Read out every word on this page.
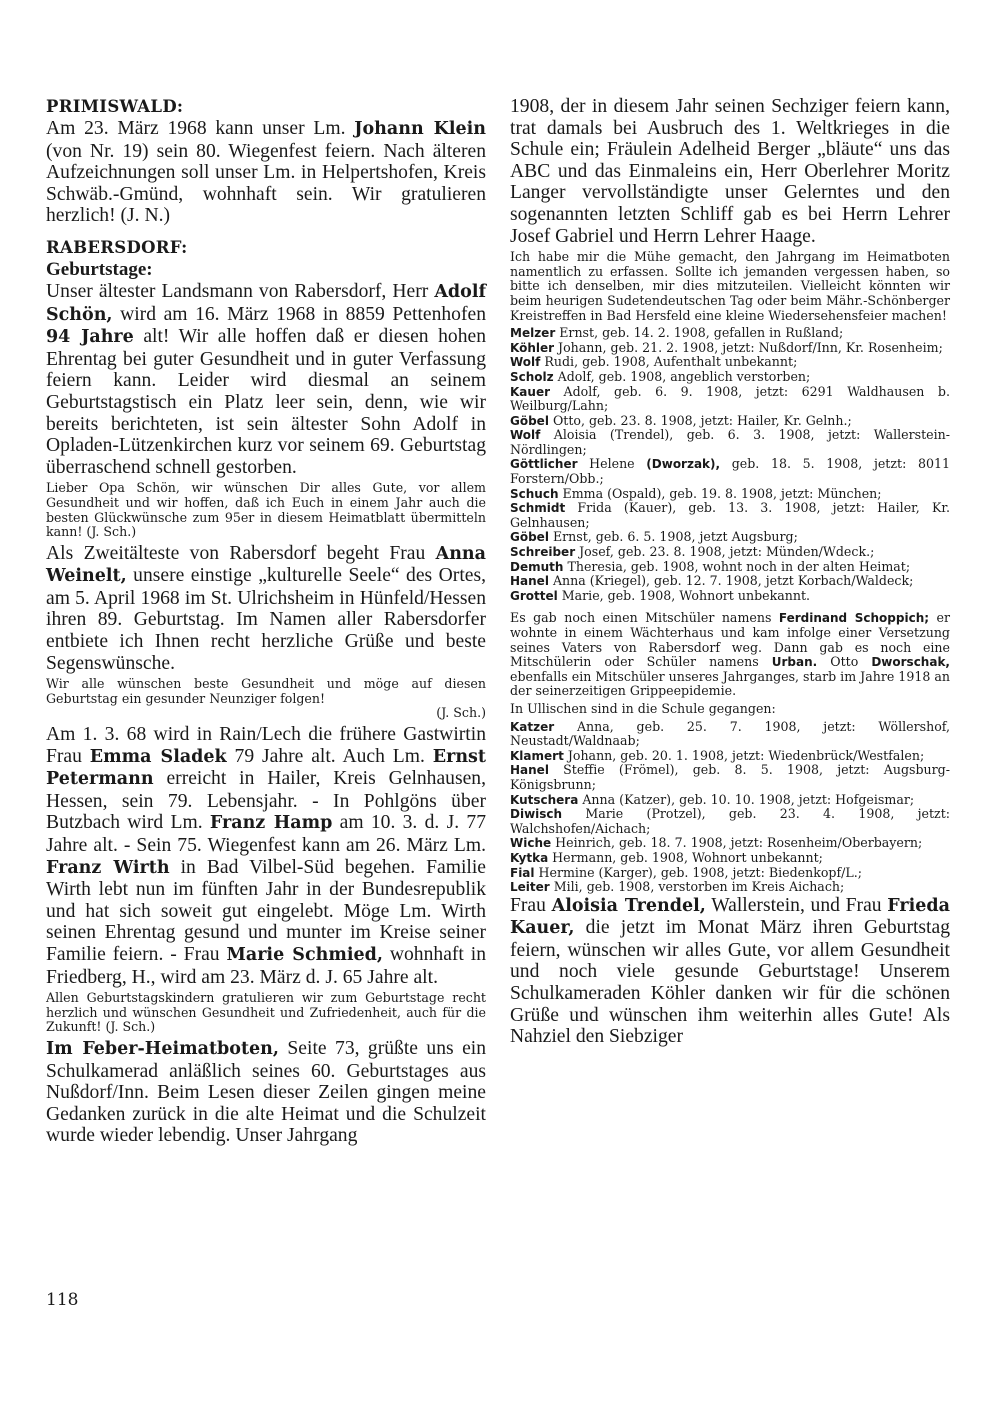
PRIMISWALD:
Am 23. März 1968 kann unser Lm. Johann Klein (von Nr. 19) sein 80. Wiegenfest feiern. Nach älteren Aufzeichnungen soll unser Lm. in Helpertshofen, Kreis Schwäb.-Gmünd, wohnhaft sein. Wir gratulieren herzlich! (J. N.)
RABERSDORF:
Geburtstage:
Unser ältester Landsmann von Rabersdorf, Herr Adolf Schön, wird am 16. März 1968 in 8859 Pettenhofen 94 Jahre alt! Wir alle hoffen daß er diesen hohen Ehrentag bei guter Gesundheit und in guter Verfassung feiern kann. Leider wird diesmal an seinem Geburtstagstisch ein Platz leer sein, denn, wie wir bereits berichteten, ist sein ältester Sohn Adolf in Opladen-Lützenkirchen kurz vor seinem 69. Geburtstag überraschend schnell gestorben.
Lieber Opa Schön, wir wünschen Dir alles Gute, vor allem Gesundheit und wir hoffen, daß ich Euch in einem Jahr auch die besten Glückwünsche zum 95er in diesem Heimatblatt übermitteln kann! (J. Sch.)
Als Zweitälteste von Rabersdorf begeht Frau Anna Weinelt, unsere einstige „kulturelle Seele“ des Ortes, am 5. April 1968 im St. Ulrichsheim in Hünfeld/Hessen ihren 89. Geburtstag. Im Namen aller Rabersdorfer entbiete ich Ihnen recht herzliche Grüße und beste Segenswünsche.
Wir alle wünschen beste Gesundheit und möge auf diesen Geburtstag ein gesunder Neunziger folgen!
(J. Sch.)
Am 1. 3. 68 wird in Rain/Lech die frühere Gastwirtin Frau Emma Sladek 79 Jahre alt. Auch Lm. Ernst Petermann erreicht in Hailer, Kreis Gelnhausen, Hessen, sein 79. Lebensjahr. - In Pohlgöns über Butzbach wird Lm. Franz Hamp am 10. 3. d. J. 77 Jahre alt. - Sein 75. Wiegenfest kann am 26. März Lm. Franz Wirth in Bad Vilbel-Süd begehen. Familie Wirth lebt nun im fünften Jahr in der Bundesrepublik und hat sich soweit gut eingelebt. Möge Lm. Wirth seinen Ehrentag gesund und munter im Kreise seiner Familie feiern. - Frau Marie Schmied, wohnhaft in Friedberg, H., wird am 23. März d. J. 65 Jahre alt.
Allen Geburtstagskindern gratulieren wir zum Geburtstage recht herzlich und wünschen Gesundheit und Zufriedenheit, auch für die Zukunft! (J. Sch.)
Im Feber-Heimatboten, Seite 73, grüßte uns ein Schulkamerad anläßlich seines 60. Geburtstages aus Nußdorf/Inn. Beim Lesen dieser Zeilen gingen meine Gedanken zurück in die alte Heimat und die Schulzeit wurde wieder lebendig. Unser Jahrgang
1908, der in diesem Jahr seinen Sechziger feiern kann, trat damals bei Ausbruch des 1. Weltkrieges in die Schule ein; Fräulein Adelheid Berger „bläute“ uns das ABC und das Einmaleins ein, Herr Oberlehrer Moritz Langer vervollständigte unser Gelerntes und den sogenannten letzten Schliff gab es bei Herrn Lehrer Josef Gabriel und Herrn Lehrer Haage.
Ich habe mir die Mühe gemacht, den Jahrgang im Heimatboten namentlich zu erfassen. Sollte ich jemanden vergessen haben, so bitte ich denselben, mir dies mitzuteilen. Vielleicht könnten wir beim heurigen Sudetendeutschen Tag oder beim Mähr.-Schönberger Kreistreffen in Bad Hersfeld eine kleine Wiedersehensfeier machen!
Melzer Ernst, geb. 14. 2. 1908, gefallen in Rußland;
Köhler Johann, geb. 21. 2. 1908, jetzt: Nußdorf/Inn, Kr. Rosenheim;
Wolf Rudi, geb. 1908, Aufenthalt unbekannt;
Scholz Adolf, geb. 1908, angeblich verstorben;
Kauer Adolf, geb. 6. 9. 1908, jetzt: 6291 Waldhausen b. Weilburg/Lahn;
Göbel Otto, geb. 23. 8. 1908, jetzt: Hailer, Kr. Gelnh.;
Wolf Aloisia (Trendel), geb. 6. 3. 1908, jetzt: Wallerstein-Nördlingen;
Göttlicher Helene (Dworzak), geb. 18. 5. 1908, jetzt: 8011 Forstern/Obb.;
Schuch Emma (Ospald), geb. 19. 8. 1908, jetzt: München;
Schmidt Frida (Kauer), geb. 13. 3. 1908, jetzt: Hailer, Kr. Gelnhausen;
Göbel Ernst, geb. 6. 5. 1908, jetzt Augsburg;
Schreiber Josef, geb. 23. 8. 1908, jetzt: Münden/Wdeck.;
Demuth Theresia, geb. 1908, wohnt noch in der alten Heimat;
Hanel Anna (Kriegel), geb. 12. 7. 1908, jetzt Korbach/Waldeck;
Grottel Marie, geb. 1908, Wohnort unbekannt.
Es gab noch einen Mitschüler namens Ferdinand Schoppich; er wohnte in einem Wächterhaus und kam infolge einer Versetzung seines Vaters von Rabersdorf weg. Dann gab es noch eine Mitschülerin oder Schüler namens Urban. Otto Dworschak, ebenfalls ein Mitschüler unseres Jahrganges, starb im Jahre 1918 an der seinerzeitigen Grippeepidemie.
In Ullischen sind in die Schule gegangen:
Katzer Anna, geb. 25. 7. 1908, jetzt: Wöllershof, Neustadt/Waldnaab;
Klamert Johann, geb. 20. 1. 1908, jetzt: Wiedenbrück/Westfalen;
Hanel Steffie (Frömel), geb. 8. 5. 1908, jetzt: Augsburg-Königsbrunn;
Kutschera Anna (Katzer), geb. 10. 10. 1908, jetzt: Hofgeismar;
Diwisch Marie (Protzel), geb. 23. 4. 1908, jetzt: Walchshofen/Aichach;
Wiche Heinrich, geb. 18. 7. 1908, jetzt: Rosenheim/Oberbayern;
Kytka Hermann, geb. 1908, Wohnort unbekannt;
Fial Hermine (Karger), geb. 1908, jetzt: Biedenkopf/L.;
Leiter Mili, geb. 1908, verstorben im Kreis Aichach;
Frau Aloisia Trendel, Wallerstein, und Frau Frieda Kauer, die jetzt im Monat März ihren Geburtstag feiern, wünschen wir alles Gute, vor allem Gesundheit und noch viele gesunde Geburtstage! Unserem Schulkameraden Köhler danken wir für die schönen Grüße und wünschen ihm weiterhin alles Gute! Als Nahziel den Siebziger
118
